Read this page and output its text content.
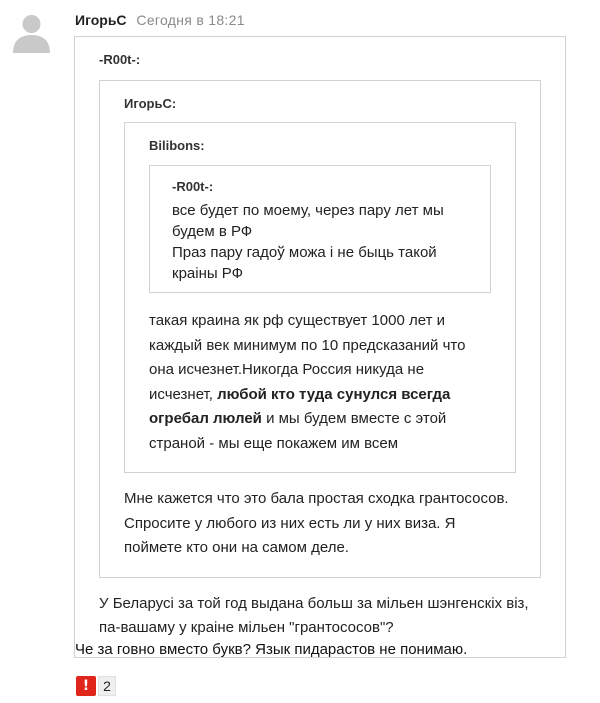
ИгорьС Сегодня в 18:21
-R00t-:
ИгорьС:
Bilibons:
-R00t-:
все будет по моему, через пару лет мы будем в РФ
Праз пару гадоў можа і не быць такой краіны РФ
такая краина як рф существует 1000 лет и каждый век минимум по 10 предсказаний что она исчезнет.Никогда Россия никуда не исчезнет, любой кто туда сунулся всегда огребал люлей и мы будем вместе с этой страной - мы еще покажем им всем
Мне кажется что это бала простая сходка грантососов. Спросите у любого из них есть ли у них виза. Я поймете кто они на самом деле.
У Беларусі за той год выдана больш за мільен шэнгенскіх віз, па-вашаму у краіне мільен "грантососов"?
Че за говно вместо букв? Язык пидарастов не понимаю.
! 2
